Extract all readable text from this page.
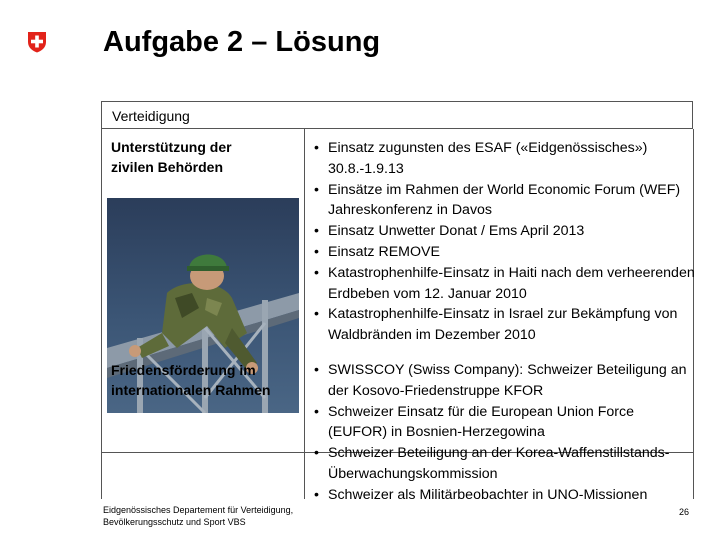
Aufgabe 2 – Lösung
Verteidigung
Unterstützung der
zivilen Behörden
• Einsatz zugunsten des ESAF («Eidgenössisches») 30.8.-1.9.13
• Einsätze im Rahmen der World Economic Forum (WEF) Jahreskonferenz in Davos
• Einsatz Unwetter Donat / Ems April 2013
• Einsatz REMOVE
• Katastrophenhilfe-Einsatz in Haiti nach dem verheerenden Erdbeben vom 12. Januar 2010
• Katastrophenhilfe-Einsatz in Israel zur Bekämpfung von Waldbränden im Dezember 2010
Friedensförderung im
internationalen Rahmen
• SWISSCOY (Swiss Company): Schweizer Beteiligung an der Kosovo-Friedenstruppe KFOR
• Schweizer Einsatz für die European Union Force (EUFOR) in Bosnien-Herzegowina
• Schweizer Beteiligung an der Korea-Waffenstillstands-Überwachungskommission
• Schweizer als Militärbeobachter in UNO-Missionen
Eidgenössisches Departement für Verteidigung,
Bevölkerungsschutz und Sport VBS
26
